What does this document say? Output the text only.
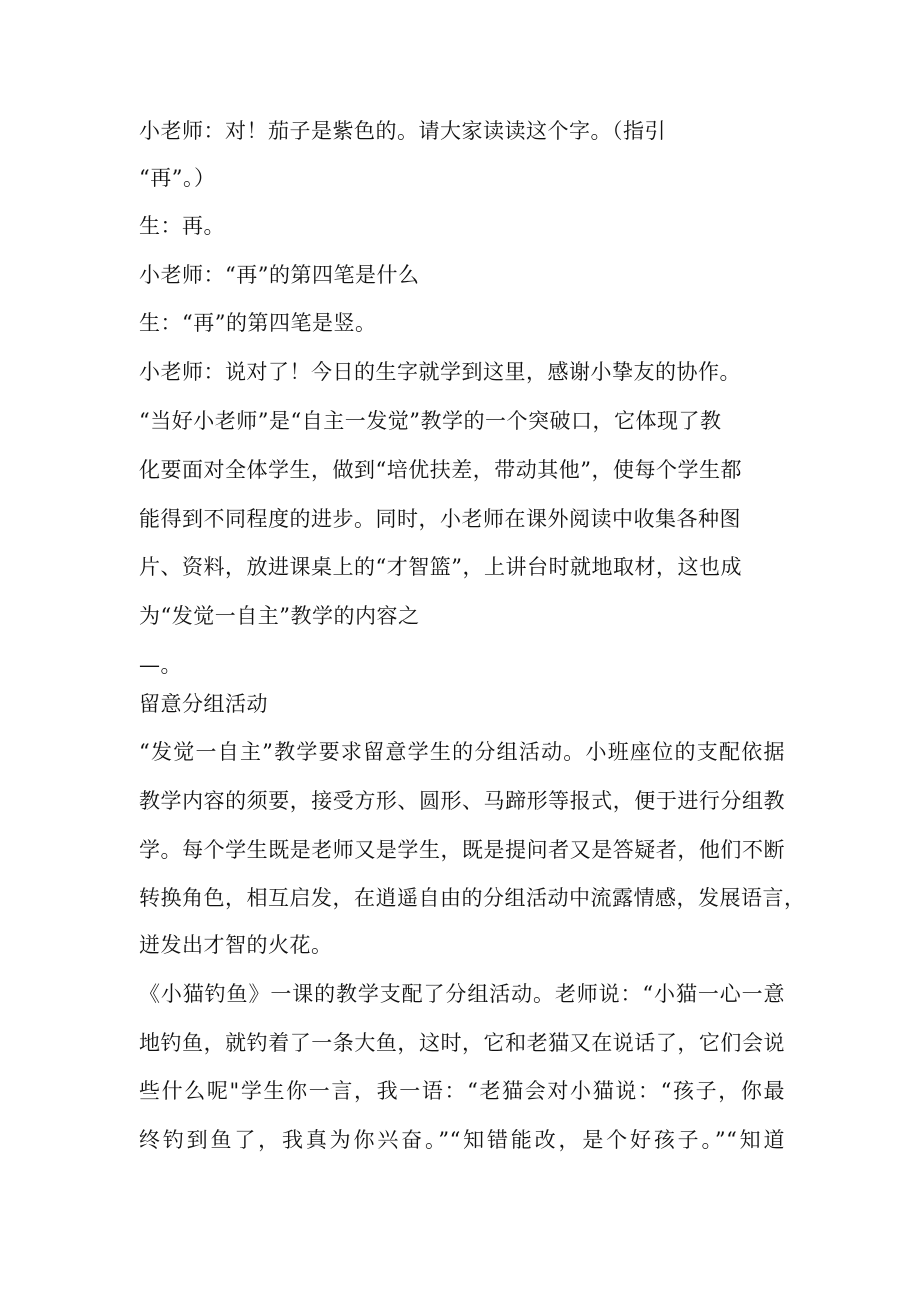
小老师：对！茄子是紫色的。请大家读读这个字。（指引
“再”。）
生：再。
小老师：“再”的第四笔是什么
生：“再”的第四笔是竖。
小老师：说对了！今日的生字就学到这里，感谢小挚友的协作。
“当好小老师”是“自主一发觉”教学的一个突破口，它体现了教
化要面对全体学生，做到“培优扶差，带动其他”，使每个学生都
能得到不同程度的进步。同时，小老师在课外阅读中收集各种图
片、资料，放进课桌上的“才智篮”，上讲台时就地取材，这也成
为“发觉一自主”教学的内容之
—。
留意分组活动
“发觉一自主”教学要求留意学生的分组活动。小班座位的支配依据
教学内容的须要，接受方形、圆形、马蹄形等报式，便于进行分组教
学。每个学生既是老师又是学生，既是提问者又是答疑者，他们不断
转换角色，相互启发，在逍遥自由的分组活动中流露情感，发展语言，
迸发出才智的火花。
《小猫钓鱼》一课的教学支配了分组活动。老师说：“小猫一心一意
地钓鱼，就钓着了一条大鱼，这时，它和老猫又在说话了，它们会说
些什么呢"学生你一言，我一语：“老猫会对小猫说：“孩子，你最
终钓到鱼了，我真为你兴奋。”“知错能改，是个好孩子。”“知道
